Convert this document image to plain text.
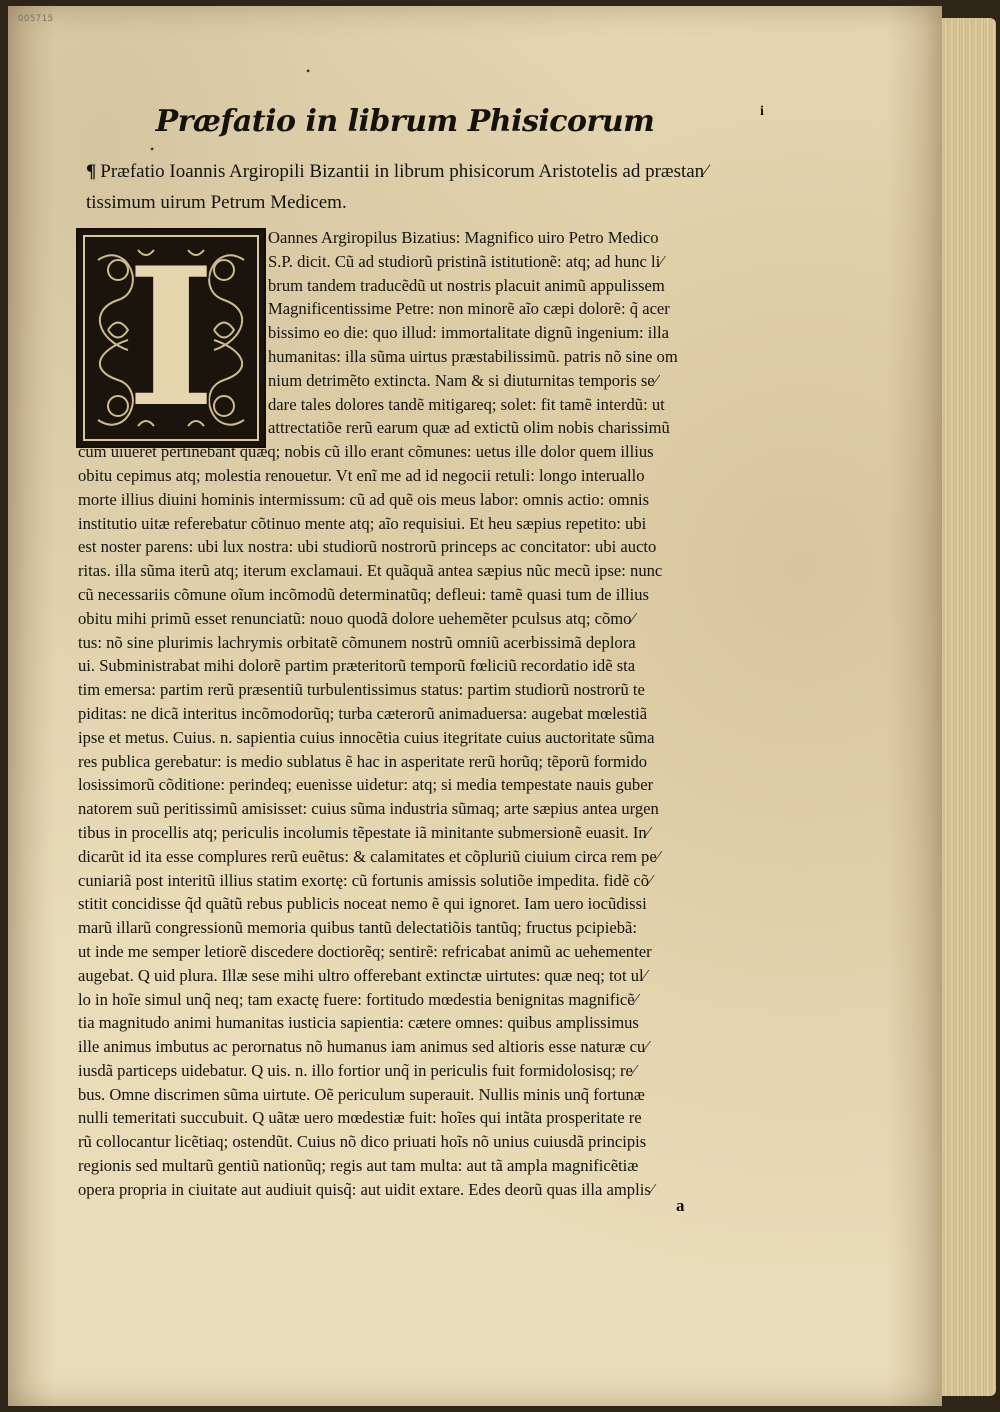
OO5715
•
•
Præfatio in librum Phisicorum	i
¶ Præfatio Ioannis Argiropili Bizantii in librum phisicorum Aristotelis ad præstan⁄
tissimum uirum Petrum Medicem.
I	Oannes Argiropilus Bizatius: Magnifico uiro Petro Medico
S.P. dicit. Cũ ad studiorũ pristinã istitutionẽ: atq; ad hunc li⁄
brum tandem traducẽdũ ut nostris placuit animũ appulissem
Magnificentissime Petre: non minorẽ aĩo cæpi dolorẽ: q̃ acer
bissimo eo die: quo illud: immortalitate dignũ ingenium: illa
humanitas: illa sũma uirtus præstabilissimũ. patris nõ sine om
nium detrimẽto extincta. Nam & si diuturnitas temporis se⁄
dare tales dolores tandẽ mitigareq; solet: fit tamẽ interdũ: ut
attrectatiõe rerũ earum quæ ad extictũ olim nobis charissimũ
cum uiueret pertinebant quæq; nobis cũ illo erant cõmunes: uetus ille dolor quem illius
obitu cepimus atq; molestia renouetur. Vt enĩ me ad id negocii retuli: longo interuallo
morte illius diuini hominis intermissum: cũ ad quẽ ois meus labor: omnis actio: omnis
institutio uitæ referebatur cõtinuo mente atq; aĩo requisiui. Et heu sæpius repetito: ubi
est noster parens: ubi lux nostra: ubi studiorũ nostrorũ princeps ac concitator: ubi aucto
ritas. illa sũma iterũ atq; iterum exclamaui. Et quãquã antea sæpius nũc mecũ ipse: nunc
cũ necessariis cõmune oĩum incõmodũ determinatũq; defleui: tamẽ quasi tum de illius
obitu mihi primũ esset renunciatũ: nouo quodã dolore uehemẽter pculsus atq; cõmo⁄
tus: nõ sine plurimis lachrymis orbitatẽ cõmunem nostrũ omniũ acerbissimã deplora
ui. Subministrabat mihi dolorẽ partim præteritorũ temporũ fœliciũ recordatio idẽ sta
tim emersa: partim rerũ præsentiũ turbulentissimus status: partim studiorũ nostrorũ te
piditas: ne dicã interitus incõmodorũq; turba cæterorũ animaduersa: augebat mœlestiã
ipse et metus. Cuius. n. sapientia cuius innocẽtia cuius itegritate cuius auctoritate sũma
res publica gerebatur: is medio sublatus ẽ hac in asperitate rerũ horũq; tẽporũ formido
losissimorũ cõditione: perindeq; euenisse uidetur: atq; si media tempestate nauis guber
natorem suũ peritissimũ amisisset: cuius sũma industria sũmaq; arte sæpius antea urgen
tibus in procellis atq; periculis incolumis tẽpestate iã minitante submersionẽ euasit. In⁄
dicarũt id ita esse complures rerũ euẽtus: & calamitates et cõpluriũ ciuium circa rem pe⁄
cuniariã post interitũ illius statim exortę: cũ fortunis amissis solutiõe impedita. fidẽ cõ⁄
stitit concidisse q̃d quãtũ rebus publicis noceat nemo ẽ qui ignoret. Iam uero iocũdissi
marũ illarũ congressionũ memoria quibus tantũ delectatiõis tantũq; fructus pcipiebã:
ut inde me semper letiorẽ discedere doctiorẽq; sentirẽ: refricabat animũ ac uehementer
augebat. Q uid plura. Illæ sese mihi ultro offerebant extinctæ uirtutes: quæ neq; tot ul⁄
lo in hoĩe simul unq̃ neq; tam exactę fuere: fortitudo mœdestia benignitas magnificẽ⁄
tia magnitudo animi humanitas iusticia sapientia: cætere omnes: quibus amplissimus
ille animus imbutus ac perornatus nõ humanus iam animus sed altioris esse naturæ cu⁄
iusdã particeps uidebatur. Q uis. n. illo fortior unq̃ in periculis fuit formidolosisq; re⁄
bus. Omne discrimen sũma uirtute. Oẽ periculum superauit. Nullis minis unq̃ fortunæ
nulli temeritati succubuit. Q uãtæ uero mœdestiæ fuit: hoĩes qui intãta prosperitate re
rũ collocantur licẽtiaq; ostendũt. Cuius nõ dico priuati hoĩs nõ unius cuiusdã principis
regionis sed multarũ gentiũ nationũq; regis aut tam multa: aut tã ampla magnificẽtiæ
opera propria in ciuitate aut audiuit quisq̃: aut uidit extare. Edes deorũ quas illa amplis⁄
a
